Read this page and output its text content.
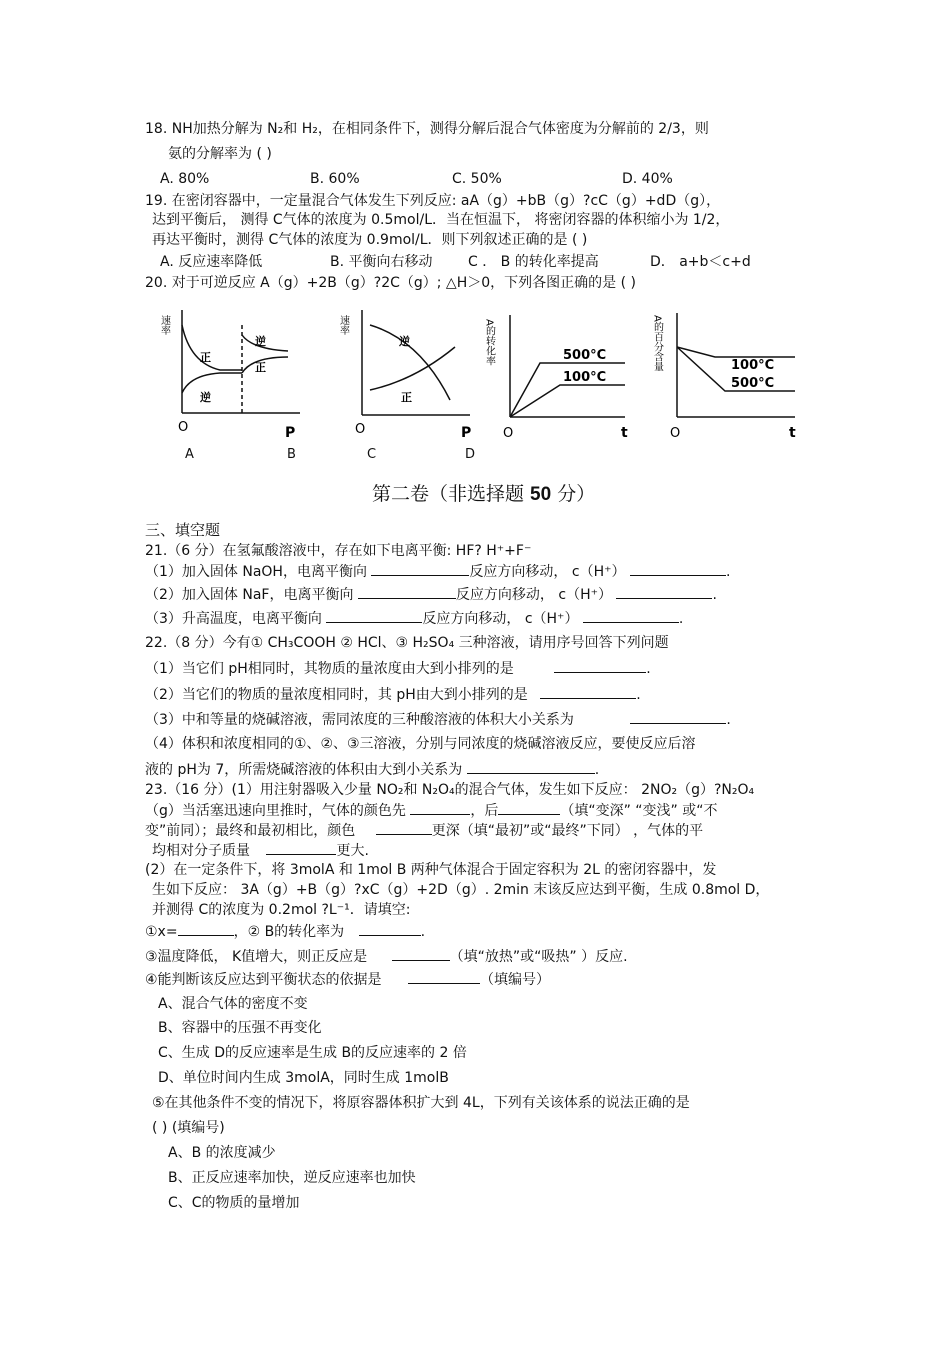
18. NH加热分解为 N₂和 H₂，在相同条件下，测得分解后混合气体密度为分解前的 2/3，则
氨的分解率为 ( )
A. 80%	B. 60%	C. 50%	D. 40%
19. 在密闭容器中，一定量混合气体发生下列反应: aA（g）+bB（g）?cC（g）+dD（g），
达到平衡后， 测得 C气体的浓度为 0.5mol/L．当在恒温下， 将密闭容器的体积缩小为 1/2，
再达平衡时，测得 C气体的浓度为 0.9mol/L．则下列叙述正确的是 ( )
A. 反应速率降低	B. 平衡向右移动	C ． B 的转化率提高	D． a+b＜c+d
20. 对于可逆反应 A（g）+2B（g）?2C（g）; △H＞0，下列各图正确的是 ( )
速率
正
逆
逆
正
O	P
速率
逆
正
O	P
A的转化率	500°C
100°C
O	t
A的百分含量	100°C
500°C
O	t
A	B	C	D
第二卷（非选择题 50 分）
三、填空题
21.（6 分）在氢氟酸溶液中，存在如下电离平衡: HF? H⁺+F⁻
（1）加入固体 NaOH，电离平衡向	反应方向移动， c（H⁺）	.
（2）加入固体 NaF，电离平衡向	反应方向移动， c（H⁺）	.
（3）升高温度，电离平衡向	反应方向移动， c（H⁺）	.
22.（8 分）今有① CH₃COOH ② HCl、③ H₂SO₄ 三种溶液，请用序号回答下列问题
（1）当它们 pH相同时，其物质的量浓度由大到小排列的是	.
（2）当它们的物质的量浓度相同时，其 pH由大到小排列的是	.
（3）中和等量的烧碱溶液，需同浓度的三种酸溶液的体积大小关系为	.
（4）体积和浓度相同的①、②、③三溶液，分别与同浓度的烧碱溶液反应，要使反应后溶
液的 pH为 7，所需烧碱溶液的体积由大到小关系为	.
23.（16 分）(1）用注射器吸入少量 NO₂和 N₂O₄的混合气体，发生如下反应： 2NO₂（g）?N₂O₄
（g）当活塞迅速向里推时，气体的颜色先	，后	（填“变深” “变浅” 或“不
变”前同）；最终和最初相比，颜色	更深（填“最初”或“最终”下同） ，气体的平
均相对分子质量	更大.
(2）在一定条件下，将 3molA 和 1mol B 两种气体混合于固定容积为 2L 的密闭容器中，发
生如下反应： 3A（g）+B（g）?xC（g）+2D（g）. 2min 末该反应达到平衡，生成 0.8mol D，
并测得 C的浓度为 0.2mol ?L⁻¹．请填空:
①x=	，② B的转化率为	.
③温度降低， K值增大，则正反应是	（填“放热”或“吸热” ）反应.
④能判断该反应达到平衡状态的依据是	（填编号）
A、混合气体的密度不变
B、容器中的压强不再变化
C、生成 D的反应速率是生成 B的反应速率的 2 倍
D、单位时间内生成 3molA，同时生成 1molB
⑤在其他条件不变的情况下，将原容器体积扩大到 4L，下列有关该体系的说法正确的是
( ) (填编号)
A、B 的浓度减少
B、正反应速率加快，逆反应速率也加快
C、C的物质的量增加
